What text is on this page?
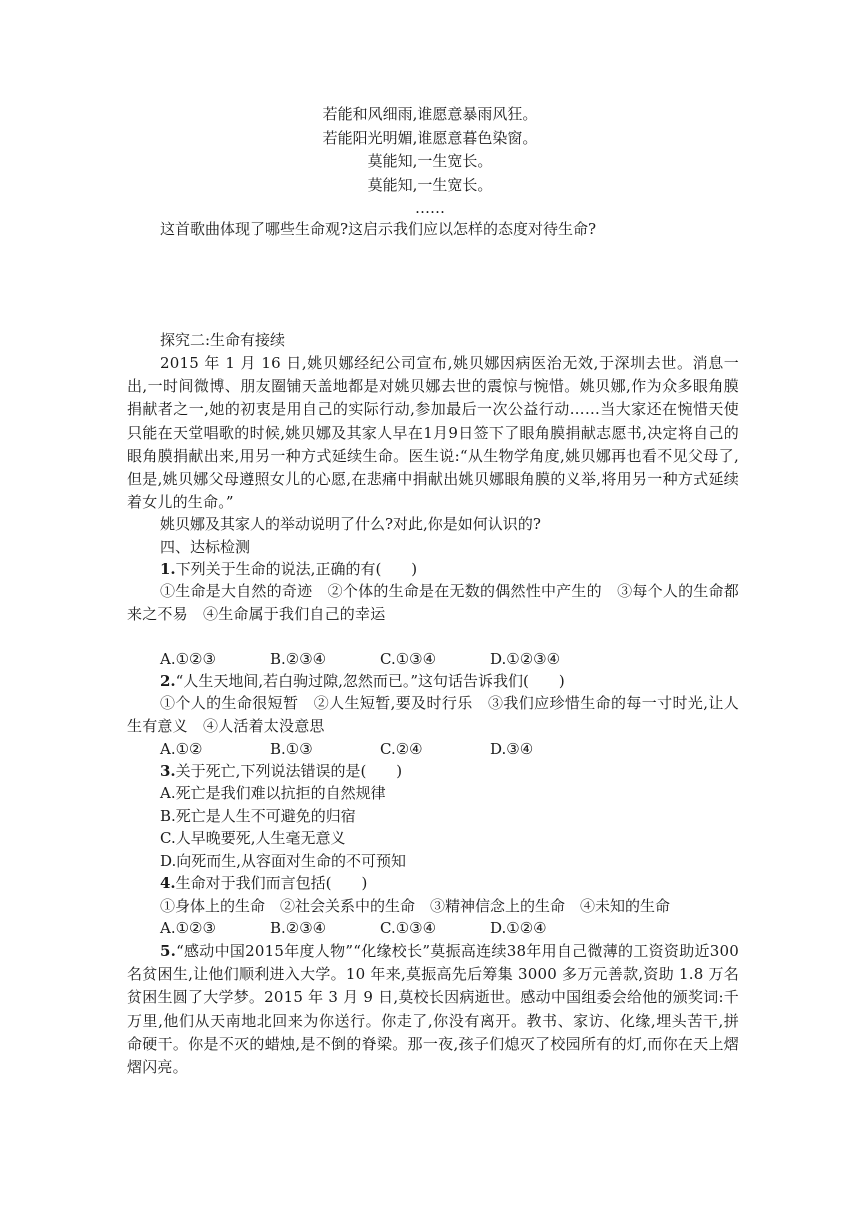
若能和风细雨,谁愿意暴雨风狂。
若能阳光明媚,谁愿意暮色染窗。
莫能知,一生宽长。
莫能知,一生宽长。
……
这首歌曲体现了哪些生命观?这启示我们应以怎样的态度对待生命?
探究二:生命有接续
2015 年 1 月 16 日,姚贝娜经纪公司宣布,姚贝娜因病医治无效,于深圳去世。消息一出,一时间微博、朋友圈铺天盖地都是对姚贝娜去世的震惊与惋惜。姚贝娜,作为众多眼角膜捐献者之一,她的初衷是用自己的实际行动,参加最后一次公益行动……当大家还在惋惜天使只能在天堂唱歌的时候,姚贝娜及其家人早在1月9日签下了眼角膜捐献志愿书,决定将自己的眼角膜捐献出来,用另一种方式延续生命。医生说:“从生物学角度,姚贝娜再也看不见父母了,但是,姚贝娜父母遵照女儿的心愿,在悲痛中捐献出姚贝娜眼角膜的义举,将用另一种方式延续着女儿的生命。”
姚贝娜及其家人的举动说明了什么?对此,你是如何认识的?
四、达标检测
1.下列关于生命的说法,正确的有(　　)
①生命是大自然的奇迹　②个体的生命是在无数的偶然性中产生的　③每个人的生命都来之不易　④生命属于我们自己的幸运
A.①②③	B.②③④	C.①③④	D.①②③④
2.“人生天地间,若白驹过隙,忽然而已。”这句话告诉我们(　　)
①个人的生命很短暂　②人生短暂,要及时行乐　③我们应珍惜生命的每一寸时光,让人生有意义　④人活着太没意思
A.①②	B.①③	C.②④	D.③④
3.关于死亡,下列说法错误的是(　　)
A.死亡是我们难以抗拒的自然规律
B.死亡是人生不可避免的归宿
C.人早晚要死,人生毫无意义
D.向死而生,从容面对生命的不可预知
4.生命对于我们而言包括(　　)
①身体上的生命　②社会关系中的生命　③精神信念上的生命　④未知的生命
A.①②③	B.②③④	C.①③④	D.①②④
5.“感动中国2015年度人物”“化缘校长”莫振高连续38年用自己微薄的工资资助近300 名贫困生,让他们顺利进入大学。10 年来,莫振高先后筹集 3000 多万元善款,资助 1.8 万名贫困生圆了大学梦。2015 年 3 月 9 日,莫校长因病逝世。感动中国组委会给他的颁奖词:千万里,他们从天南地北回来为你送行。你走了,你没有离开。教书、家访、化缘,埋头苦干,拼命硬干。你是不灭的蜡烛,是不倒的脊梁。那一夜,孩子们熄灭了校园所有的灯,而你在天上熠熠闪亮。
